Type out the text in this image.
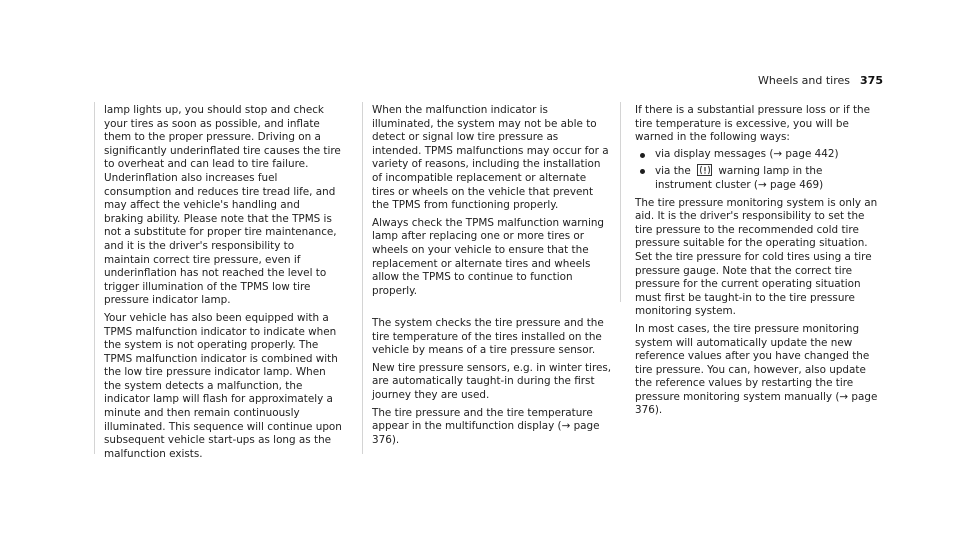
Wheels and tires 375

lamp lights up, you should stop and check your tires as soon as possible, and inflate them to the proper pressure. Driving on a significantly underinflated tire causes the tire to overheat and can lead to tire failure. Underinflation also increases fuel consumption and reduces tire tread life, and may affect the vehicle's handling and braking ability. Please note that the TPMS is not a substitute for proper tire maintenance, and it is the driver's responsibility to maintain correct tire pressure, even if underinflation has not reached the level to trigger illumination of the TPMS low tire pressure indicator lamp.

Your vehicle has also been equipped with a TPMS malfunction indicator to indicate when the system is not operating properly. The TPMS malfunction indicator is combined with the low tire pressure indicator lamp. When the system detects a malfunction, the indicator lamp will flash for approximately a minute and then remain continuously illuminated. This sequence will continue upon subsequent vehicle start-ups as long as the malfunction exists.

When the malfunction indicator is illuminated, the system may not be able to detect or signal low tire pressure as intended. TPMS malfunctions may occur for a variety of reasons, including the installation of incompatible replacement or alternate tires or wheels on the vehicle that prevent the TPMS from functioning properly.

Always check the TPMS malfunction warning lamp after replacing one or more tires or wheels on your vehicle to ensure that the replacement or alternate tires and wheels allow the TPMS to continue to function properly.

The system checks the tire pressure and the tire temperature of the tires installed on the vehicle by means of a tire pressure sensor.

New tire pressure sensors, e.g. in winter tires, are automatically taught-in during the first journey they are used.

The tire pressure and the tire temperature appear in the multifunction display (→ page 376).

If there is a substantial pressure loss or if the tire temperature is excessive, you will be warned in the following ways:

via display messages (→ page 442)
via the	warning lamp in the instrument cluster (→ page 469)

The tire pressure monitoring system is only an aid. It is the driver's responsibility to set the tire pressure to the recommended cold tire pressure suitable for the operating situation. Set the tire pressure for cold tires using a tire pressure gauge. Note that the correct tire pressure for the current operating situation must first be taught-in to the tire pressure monitoring system.

In most cases, the tire pressure monitoring system will automatically update the new reference values after you have changed the tire pressure. You can, however, also update the reference values by restarting the tire pressure monitoring system manually (→ page 376).
